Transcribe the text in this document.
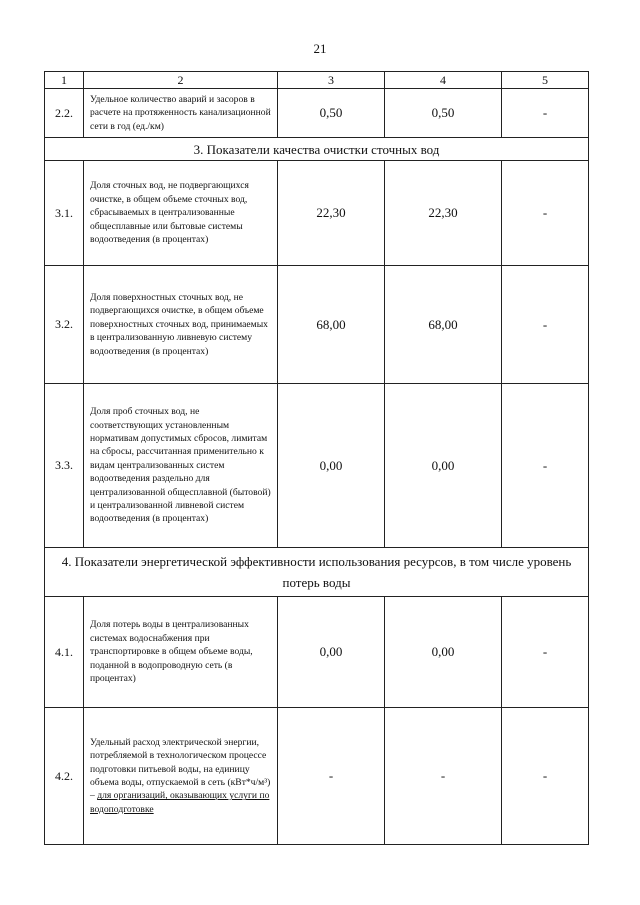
21
1	2	3	4	5
2.2.	Удельное количество аварий и засоров в расчете на протяженность канализационной сети в год (ед./км)	0,50	0,50	-
3. Показатели качества очистки сточных вод				
3.1.	Доля сточных вод, не подвергающихся очистке, в общем объеме сточных вод, сбрасываемых в централизованные общесплавные или бытовые системы водоотведения (в процентах)	22,30	22,30	-
3.2.	Доля поверхностных сточных вод, не подвергающихся очистке, в общем объеме поверхностных сточных вод, принимаемых в централизованную ливневую систему водоотведения (в процентах)	68,00	68,00	-
3.3.	Доля проб сточных вод, не соответствующих установленным нормативам допустимых сбросов, лимитам на сбросы, рассчитанная применительно к видам централизованных систем водоотведения раздельно для централизованной общесплавной (бытовой) и централизованной ливневой систем водоотведения (в процентах)	0,00	0,00	-
4. Показатели энергетической эффективности использования ресурсов, в том числе уровень потерь воды				
4.1.	Доля потерь воды в централизованных системах водоснабжения при транспортировке в общем объеме воды, поданной в водопроводную сеть (в процентах)	0,00	0,00	-
4.2.	Удельный расход электрической энергии, потребляемой в технологическом процессе подготовки питьевой воды, на единицу объема воды, отпускаемой в сеть (кВт*ч/м³) – для организаций, оказывающих услуги по водоподготовке	-	-	-
